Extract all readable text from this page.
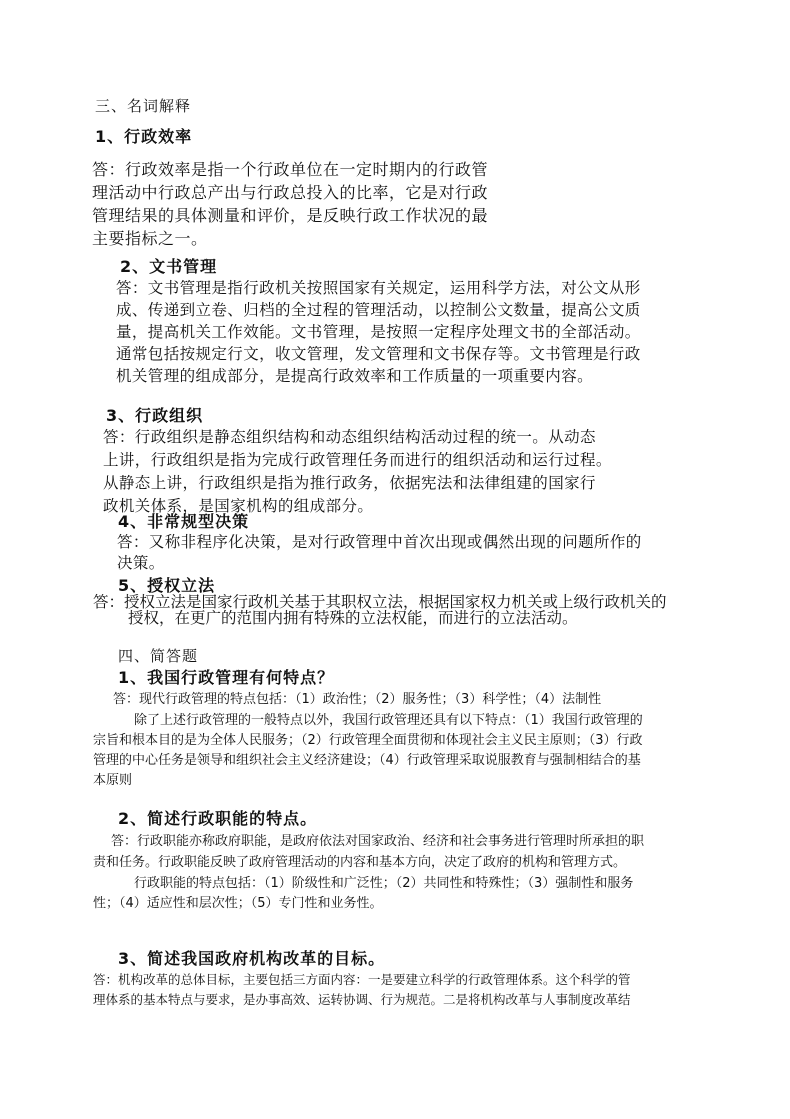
三、名词解释
1、行政效率
答：行政效率是指一个行政单位在一定时期内的行政管
理活动中行政总产出与行政总投入的比率，它是对行政
管理结果的具体测量和评价，是反映行政工作状况的最
主要指标之一。
2、文书管理
答：文书管理是指行政机关按照国家有关规定，运用科学方法，对公文从形
成、传递到立卷、归档的全过程的管理活动，以控制公文数量，提高公文质
量，提高机关工作效能。文书管理，是按照一定程序处理文书的全部活动。
通常包括按规定行文，收文管理，发文管理和文书保存等。文书管理是行政
机关管理的组成部分，是提高行政效率和工作质量的一项重要内容。
3、行政组织
答：行政组织是静态组织结构和动态组织结构活动过程的统一。从动态
上讲，行政组织是指为完成行政管理任务而进行的组织活动和运行过程。
从静态上讲，行政组织是指为推行政务，依据宪法和法律组建的国家行
政机关体系，是国家机构的组成部分。
4、非常规型决策
答：又称非程序化决策，是对行政管理中首次出现或偶然出现的问题所作的
决策。
5、授权立法
答：授权立法是国家行政机关基于其职权立法，根据国家权力机关或上级行政机关的
授权，在更广的范围内拥有特殊的立法权能，而进行的立法活动。
四、简答题
1、我国行政管理有何特点？
答：现代行政管理的特点包括：（1）政治性；（2）服务性；（3）科学性；（4）法制性
除了上述行政管理的一般特点以外，我国行政管理还具有以下特点：（1）我国行政管理的
宗旨和根本目的是为全体人民服务；（2）行政管理全面贯彻和体现社会主义民主原则；（3）行政
管理的中心任务是领导和组织社会主义经济建设；（4）行政管理采取说服教育与强制相结合的基
本原则
2、简述行政职能的特点。
答：行政职能亦称政府职能，是政府依法对国家政治、经济和社会事务进行管理时所承担的职
责和任务。行政职能反映了政府管理活动的内容和基本方向，决定了政府的机构和管理方式。
行政职能的特点包括：（1）阶级性和广泛性；（2）共同性和特殊性；（3）强制性和服务
性；（4）适应性和层次性；（5）专门性和业务性。
3、简述我国政府机构改革的目标。
答：机构改革的总体目标，主要包括三方面内容：一是要建立科学的行政管理体系。这个科学的管
理体系的基本特点与要求，是办事高效、运转协调、行为规范。二是将机构改革与人事制度改革结
